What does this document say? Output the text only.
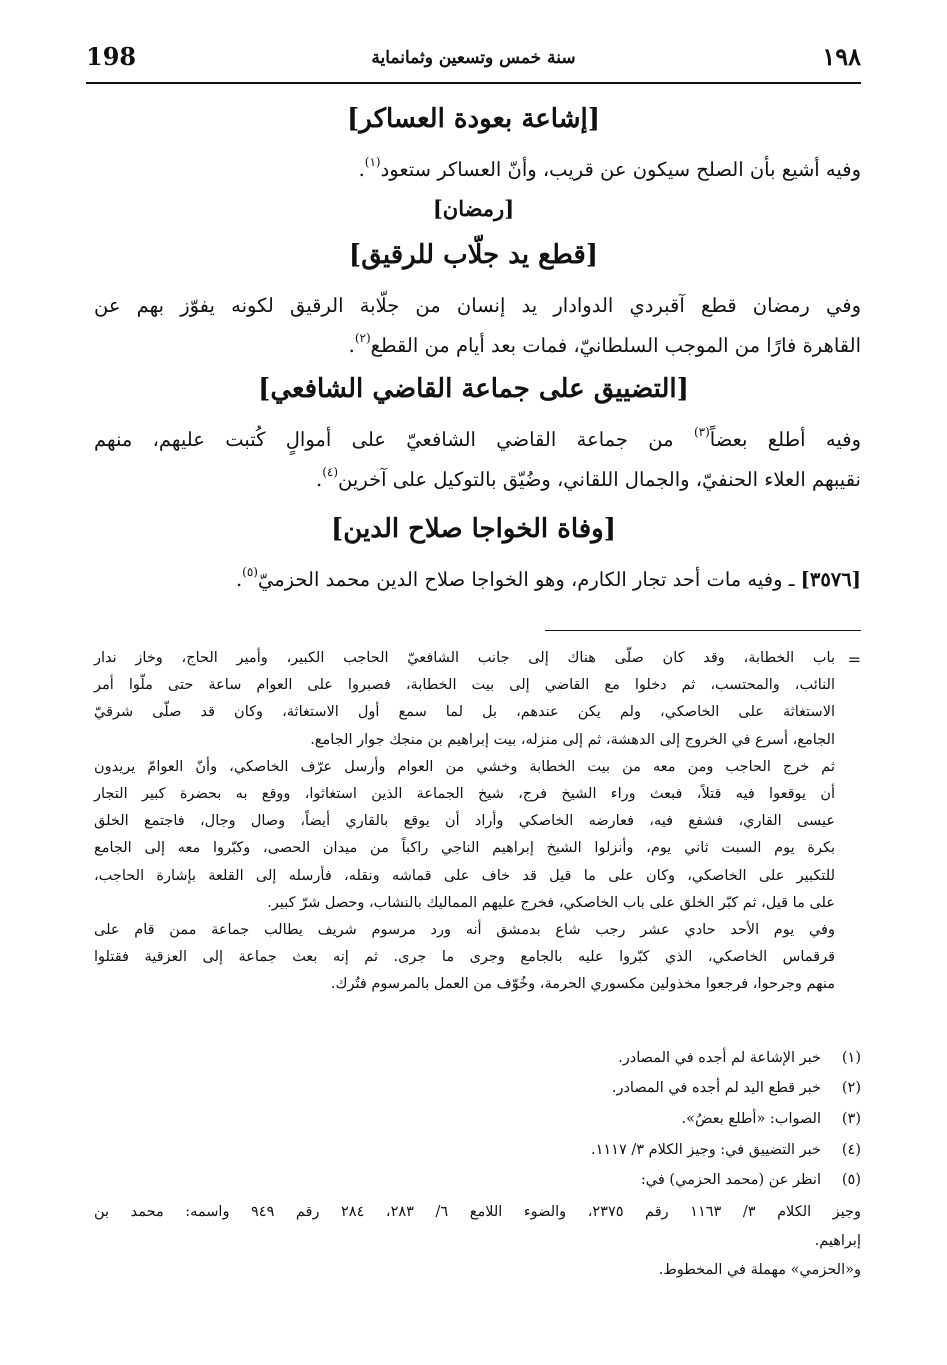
198	سنة خمس وتسعين وثمانماية	١٩٨
[إشاعة بعودة العساكر]
وفيه أشيع بأن الصلح سيكون عن قريب، وأنّ العساكر ستعود$^{(١)}$.
[رمضان]
[قطع يد جلّاب للرقيق]
وفي رمضان قطع آقبردي الدوادار يد إنسان من جلّابة الرقيق لكونه يفوّز بهم عن
القاهرة فارًا من الموجب السلطانيّ، فمات بعد أيام من القطع$^{(٢)}$.
[التضييق على جماعة القاضي الشافعي]
وفيه أطلع بعضاً$^{(٣)}$ من جماعة القاضي الشافعيّ على أموالٍ كُتبت عليهم، منهم
نقيبهم العلاء الحنفيّ، والجمال اللقاني، وضُيّق بالتوكيل على آخرين$^{(٤)}$.
[وفاة الخواجا صلاح الدين]
[٣٥٧٦] ـ وفيه مات أحد تجار الكارم، وهو الخواجا صلاح الدين محمد الحزميّ$^{(٥)}$.
=
باب الخطابة، وقد كان صلّى هناك إلى جانب الشافعيّ الحاجب الكبير، وأمير الحاج، وخاز ندار
النائب، والمحتسب، ثم دخلوا مع القاضي إلى بيت الخطابة، فصبروا على العوام ساعة حتى ملّوا أمر
الاستغاثة على الخاصكي، ولم يكن عندهم، بل لما سمع أول الاستغاثة، وكان قد صلّى شرقيّ
الجامع، أسرع في الخروج إلى الدهشة، ثم إلى منزله، بيت إبراهيم بن منجك جوار الجامع.
ثم خرج الحاجب ومن معه من بيت الخطابة وخشي من العوام وأرسل عرّف الخاصكي، وأنّ العوامّ يريدون
أن يوقعوا فيه قتلاً، فبعث وراء الشيخ فرج، شيخ الجماعة الذين استغاثوا، ووقع به بحضرة كبير التجار
عيسى القاري، فشفع فيه، فعارضه الخاصكي وأراد أن يوقع بالقاري أيضاً، وصال وجال، فاجتمع الخلق
بكرة يوم السبت ثاني يوم، وأنزلوا الشيخ إبراهيم الناجي راكباً من ميدان الحصى، وكبّروا معه إلى الجامع
للتكبير على الخاصكي، وكان على ما قيل قد خاف على قماشه ونقله، فأرسله إلى القلعة بإشارة الحاجب،
على ما قيل، ثم كبّر الخلق على باب الخاصكي، فخرج عليهم المماليك بالنشاب، وحصل شرّ كبير.
وفي يوم الأحد حادي عشر رجب شاع بدمشق أنه ورد مرسوم شريف يطالب جماعة ممن قام على
قرقماس الخاصكي، الذي كبّروا عليه بالجامع وجرى ما جرى. ثم إنه بعث جماعة إلى العزقية فقتلوا
منهم وجرحوا، فرجعوا مخذولين مكسوري الحرمة، وخُوّف من العمل بالمرسوم فتُرك.
(١)خبر الإشاعة لم أجده في المصادر.
(٢)خبر قطع اليد لم أجده في المصادر.
(٣)الصواب: «أطلع بعضُ».
(٤)خبر التضييق في: وجيز الكلام ٣/ ١١١٧.
(٥)انظر عن (محمد الحزمي) في:
وجيز الكلام ٣/ ١١٦٣ رقم ٢٣٧٥، والضوء اللامع ٦/ ٢٨٣، ٢٨٤ رقم ٩٤٩ واسمه: محمد بن
إبراهيم.
و«الحزمي» مهملة في المخطوط.
